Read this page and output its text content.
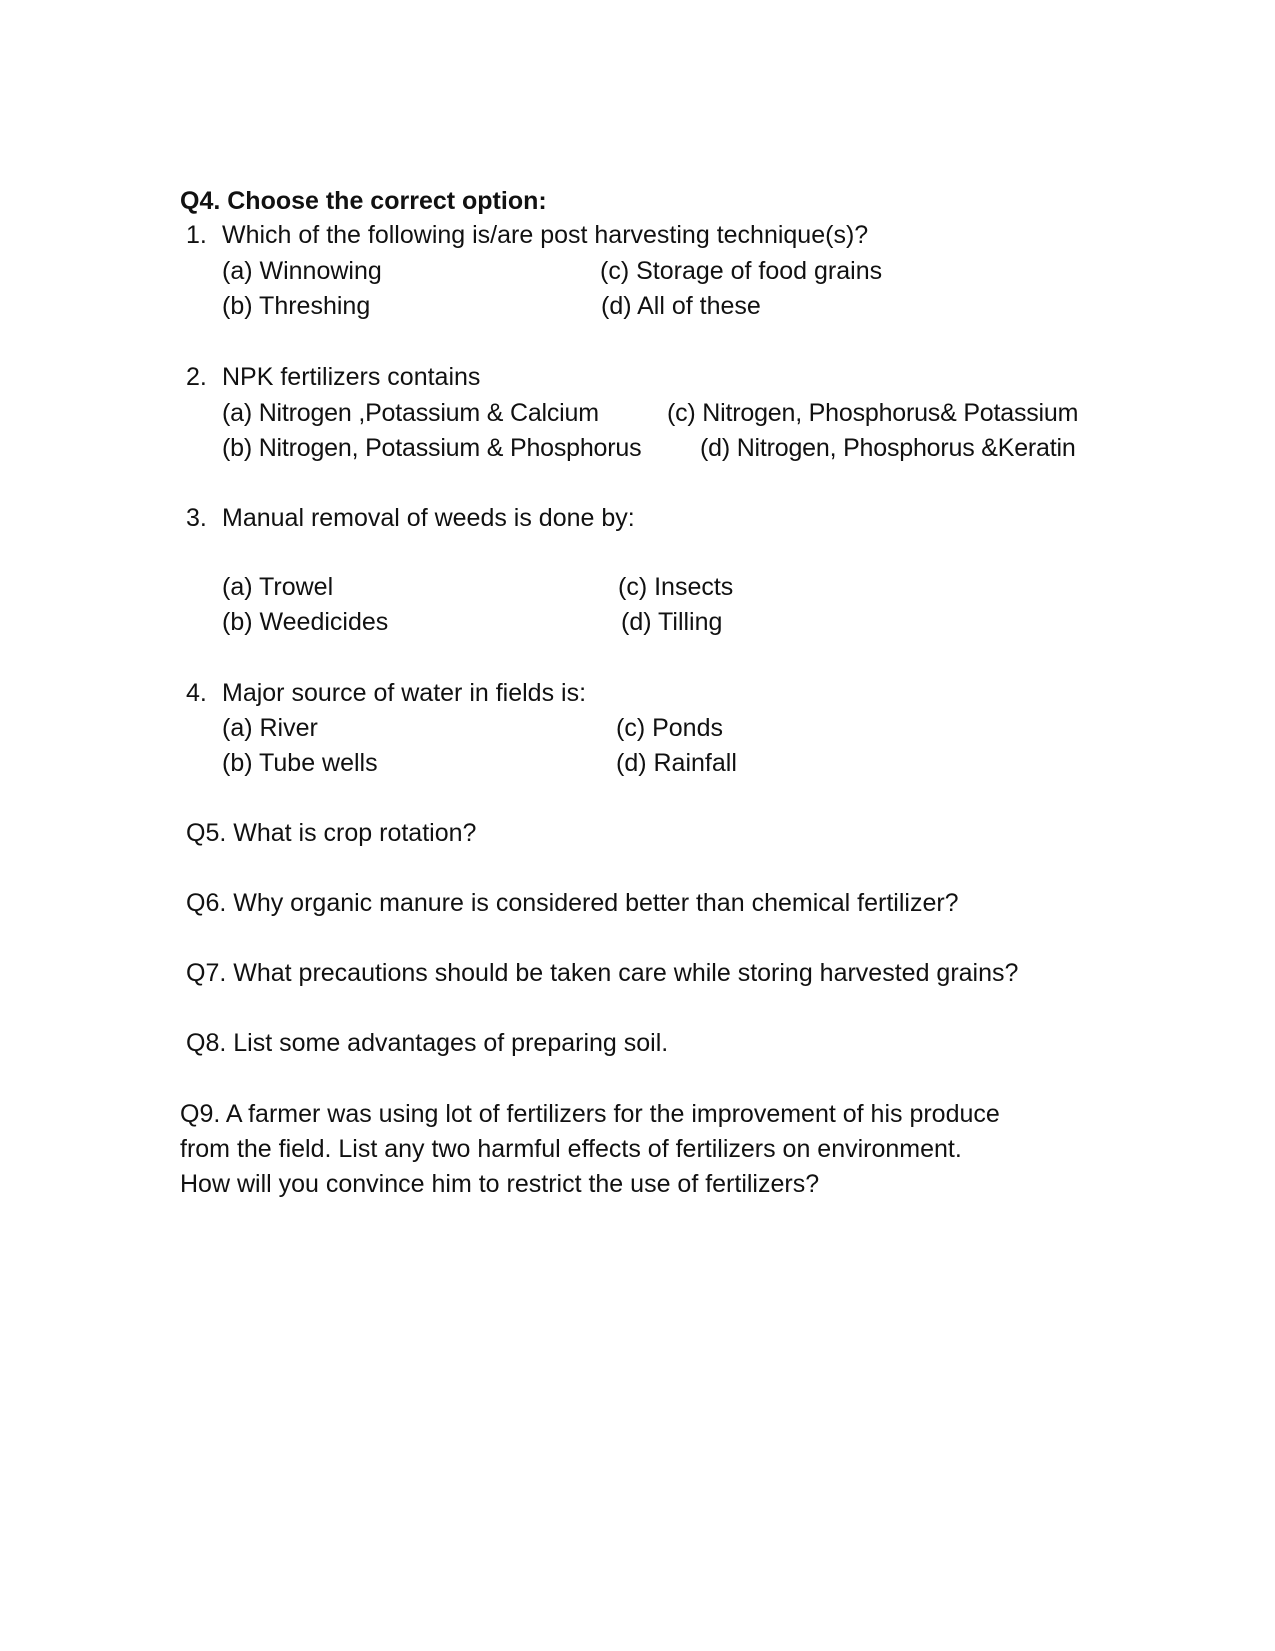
Q4. Choose the correct option:
1. Which of the following is/are post harvesting technique(s)?
(a) Winnowing	(c) Storage of food grains
(b) Threshing	(d) All of these
2. NPK fertilizers contains
(a) Nitrogen ,Potassium & Calcium	(c) Nitrogen, Phosphorus& Potassium
(b) Nitrogen, Potassium & Phosphorus (d) Nitrogen, Phosphorus &Keratin
3. Manual removal of weeds is done by:
(a) Trowel	(c) Insects
(b) Weedicides	(d) Tilling
4. Major source of water in fields is:
(a) River	(c) Ponds
(b) Tube wells	(d) Rainfall
Q5. What is crop rotation?
Q6. Why organic manure is considered better than chemical fertilizer?
Q7. What precautions should be taken care while storing harvested grains?
Q8. List some advantages of preparing soil.
Q9. A farmer was using lot of fertilizers for the improvement of his produce
from the field. List any two harmful effects of fertilizers on environment.
How will you convince him to restrict the use of fertilizers?
